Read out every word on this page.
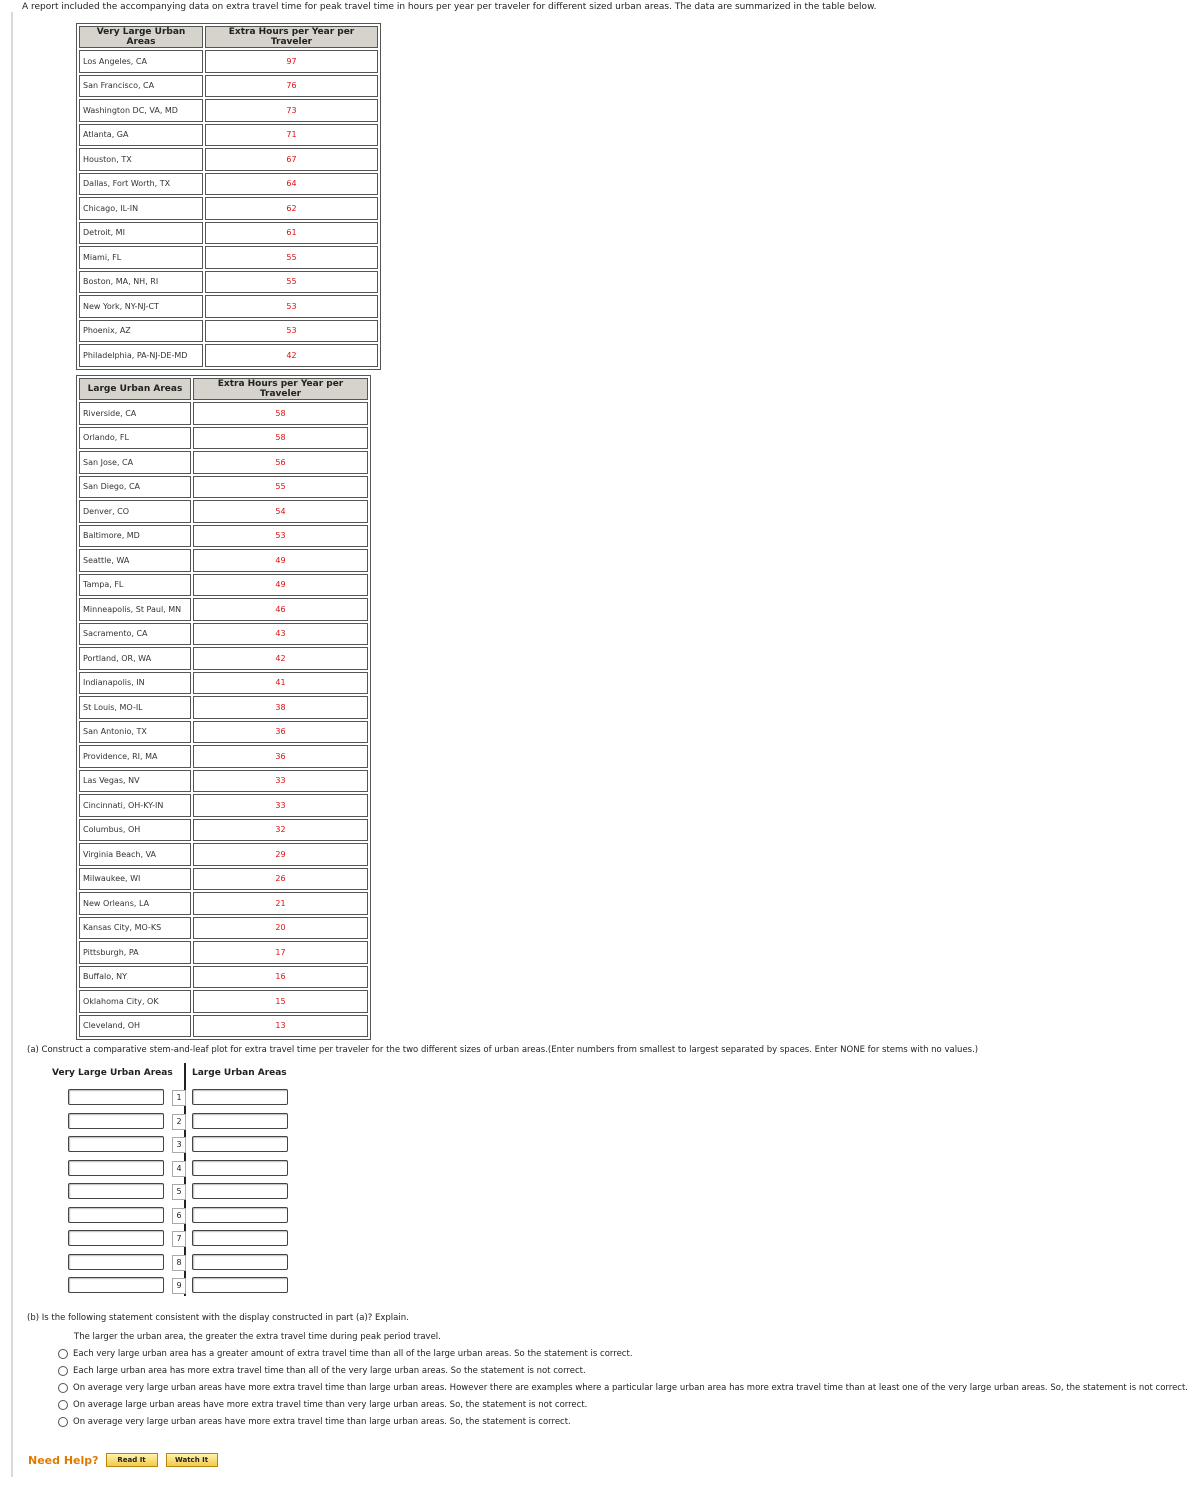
A report included the accompanying data on extra travel time for peak travel time in hours per year per traveler for different sized urban areas. The data are summarized in the table below.
Very Large Urban Areas	Extra Hours per Year per Traveler
Los Angeles, CA	97
San Francisco, CA	76
Washington DC, VA, MD	73
Atlanta, GA	71
Houston, TX	67
Dallas, Fort Worth, TX	64
Chicago, IL-IN	62
Detroit, MI	61
Miami, FL	55
Boston, MA, NH, RI	55
New York, NY-NJ-CT	53
Phoenix, AZ	53
Philadelphia, PA-NJ-DE-MD	42
Large Urban Areas	Extra Hours per Year per Traveler
Riverside, CA	58
Orlando, FL	58
San Jose, CA	56
San Diego, CA	55
Denver, CO	54
Baltimore, MD	53
Seattle, WA	49
Tampa, FL	49
Minneapolis, St Paul, MN	46
Sacramento, CA	43
Portland, OR, WA	42
Indianapolis, IN	41
St Louis, MO-IL	38
San Antonio, TX	36
Providence, RI, MA	36
Las Vegas, NV	33
Cincinnati, OH-KY-IN	33
Columbus, OH	32
Virginia Beach, VA	29
Milwaukee, WI	26
New Orleans, LA	21
Kansas City, MO-KS	20
Pittsburgh, PA	17
Buffalo, NY	16
Oklahoma City, OK	15
Cleveland, OH	13
(a) Construct a comparative stem-and-leaf plot for extra travel time per traveler for the two different sizes of urban areas.(Enter numbers from smallest to largest separated by spaces. Enter NONE for stems with no values.)
Very Large Urban Areas Large Urban Areas
1
2
3
4
5
6
7
8
9
(b) Is the following statement consistent with the display constructed in part (a)? Explain.
The larger the urban area, the greater the extra travel time during peak period travel.
Each very large urban area has a greater amount of extra travel time than all of the large urban areas. So the statement is correct.
Each large urban area has more extra travel time than all of the very large urban areas. So the statement is not correct.
On average very large urban areas have more extra travel time than large urban areas. However there are examples where a particular large urban area has more extra travel time than at least one of the very large urban areas. So, the statement is not correct.
On average large urban areas have more extra travel time than very large urban areas. So, the statement is not correct.
On average very large urban areas have more extra travel time than large urban areas. So, the statement is correct.
Need Help?	Read It	Watch It
